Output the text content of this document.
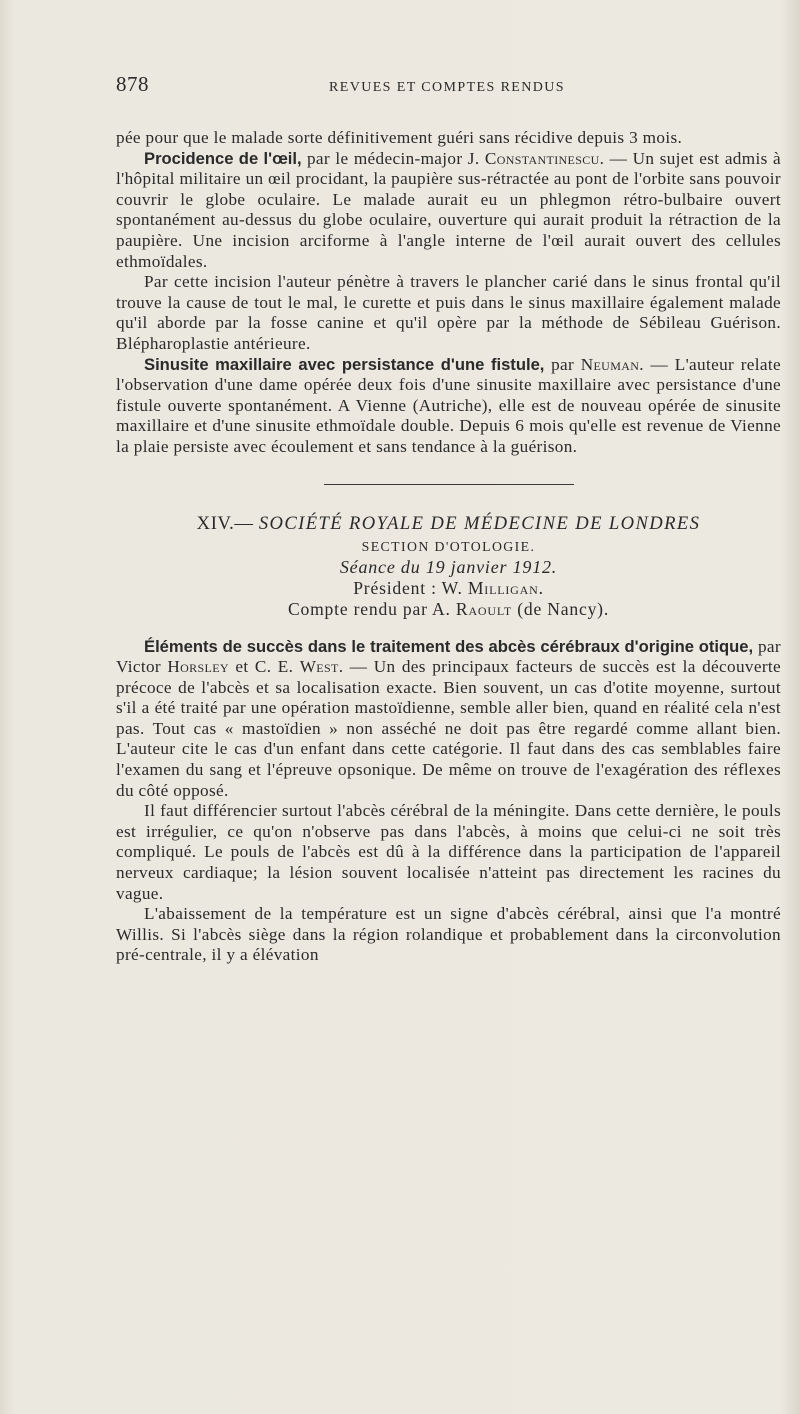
878	REVUES ET COMPTES RENDUS

pée pour que le malade sorte définitivement guéri sans récidive depuis 3 mois.

Procidence de l'œil, par le médecin-major J. Constantinescu. — Un sujet est admis à l'hôpital militaire un œil procidant, la paupière sus-rétractée au pont de l'orbite sans pouvoir couvrir le globe oculaire. Le malade aurait eu un phlegmon rétro-bulbaire ouvert spontanément au-dessus du globe oculaire, ouverture qui aurait produit la rétraction de la paupière. Une incision arciforme à l'angle interne de l'œil aurait ouvert des cellules ethmoïdales.

Par cette incision l'auteur pénètre à travers le plancher carié dans le sinus frontal qu'il trouve la cause de tout le mal, le curette et puis dans le sinus maxillaire également malade qu'il aborde par la fosse canine et qu'il opère par la méthode de Sébileau Guérison. Blépharoplastie antérieure.

Sinusite maxillaire avec persistance d'une fistule, par Neuman. — L'auteur relate l'observation d'une dame opérée deux fois d'une sinusite maxillaire avec persistance d'une fistule ouverte spontanément. A Vienne (Autriche), elle est de nouveau opérée de sinusite maxillaire et d'une sinusite ethmoïdale double. Depuis 6 mois qu'elle est revenue de Vienne la plaie persiste avec écoulement et sans tendance à la guérison.

XIV.— SOCIÉTÉ ROYALE DE MÉDECINE DE LONDRES
SECTION D'OTOLOGIE.
Séance du 19 janvier 1912.
Président : W. Milligan.
Compte rendu par A. Raoult (de Nancy).

Éléments de succès dans le traitement des abcès cérébraux d'origine otique, par Victor Horsley et C. E. West. — Un des principaux facteurs de succès est la découverte précoce de l'abcès et sa localisation exacte. Bien souvent, un cas d'otite moyenne, surtout s'il a été traité par une opération mastoïdienne, semble aller bien, quand en réalité cela n'est pas. Tout cas « mastoïdien » non asséché ne doit pas être regardé comme allant bien. L'auteur cite le cas d'un enfant dans cette catégorie. Il faut dans des cas semblables faire l'examen du sang et l'épreuve opsonique. De même on trouve de l'exagération des réflexes du côté opposé.

Il faut différencier surtout l'abcès cérébral de la méningite. Dans cette dernière, le pouls est irrégulier, ce qu'on n'observe pas dans l'abcès, à moins que celui-ci ne soit très compliqué. Le pouls de l'abcès est dû à la différence dans la participation de l'appareil nerveux cardiaque; la lésion souvent localisée n'atteint pas directement les racines du vague.

L'abaissement de la température est un signe d'abcès cérébral, ainsi que l'a montré Willis. Si l'abcès siège dans la région rolandique et probablement dans la circonvolution pré-centrale, il y a élévation
